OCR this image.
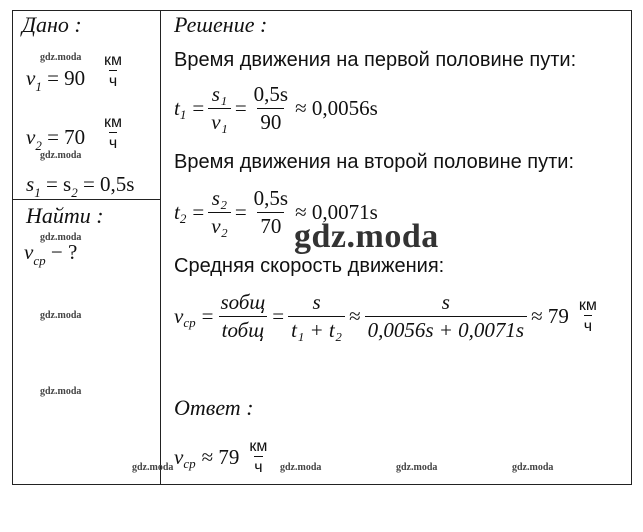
Дано :
$v_1 = 90$
км
ч
$v_2 = 70$
км
ч
$s_1 = s_2 = 0,5s$
Найти :
$v_{ср}$ − ?
Решение :
Время движения на первой половине пути:
t $1 = \frac{\text{s₁}}{\text{v₁}} = \frac{0,5s}{90} \approx 0,0056s$
Время движения на второй половине пути:
t $2 = \frac{\text{s₂}}{\text{v₂}} = \frac{0,5s}{70} \approx 0,0071s$
Средняя скорость движения:
v ср = $\frac{\text{sобщ}}{\text{tобщ}} = \frac{s}{\text{t₁ + t₂}} \approx \frac{s}{0,0056s + 0,0071s} \approx 79$ км
ч
Ответ :
v ср ≈ 79 км
ч
gdz.moda
gdz.moda
gdz.moda
gdz.moda
gdz.moda
gdz.moda	gdz.moda	gdz.moda	gdz.moda
gdz.moda
